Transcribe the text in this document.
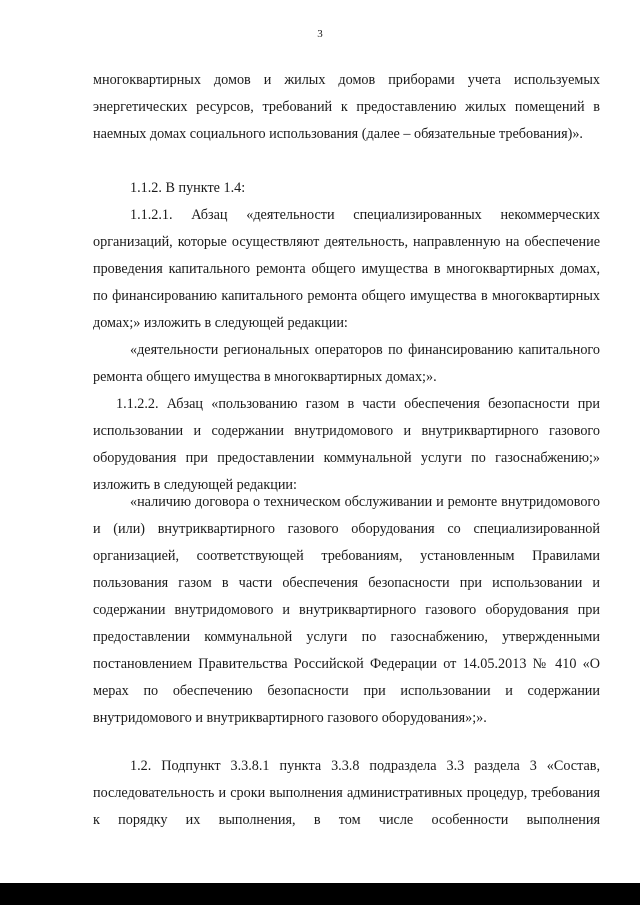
3

многоквартирных домов и жилых домов приборами учета используемых энергетических ресурсов, требований к предоставлению жилых помещений в наемных домах социального использования (далее – обязательные требования)».

1.1.2. В пункте 1.4:

1.1.2.1. Абзац «деятельности специализированных некоммерческих организаций, которые осуществляют деятельность, направленную на обеспечение проведения капитального ремонта общего имущества в многоквартирных домах, по финансированию капитального ремонта общего имущества в многоквартирных домах;» изложить в следующей редакции:

«деятельности региональных операторов по финансированию капитального ремонта общего имущества в многоквартирных домах;».

1.1.2.2. Абзац «пользованию газом в части обеспечения безопасности при использовании и содержании внутридомового и внутриквартирного газового оборудования при предоставлении коммунальной услуги по газоснабжению;» изложить в следующей редакции:

«наличию договора о техническом обслуживании и ремонте внутридомового и (или) внутриквартирного газового оборудования со специализированной организацией, соответствующей требованиям, установленным Правилами пользования газом в части обеспечения безопасности при использовании и содержании внутридомового и внутриквартирного газового оборудования при предоставлении коммунальной услуги по газоснабжению, утвержденными постановлением Правительства Российской Федерации от 14.05.2013 № 410 «О мерах по обеспечению безопасности при использовании и содержании внутридомового и внутриквартирного газового оборудования»;».

1.2. Подпункт 3.3.8.1 пункта 3.3.8 подраздела 3.3 раздела 3 «Состав, последовательность и сроки выполнения административных процедур, требования к порядку их выполнения, в том числе особенности выполнения
